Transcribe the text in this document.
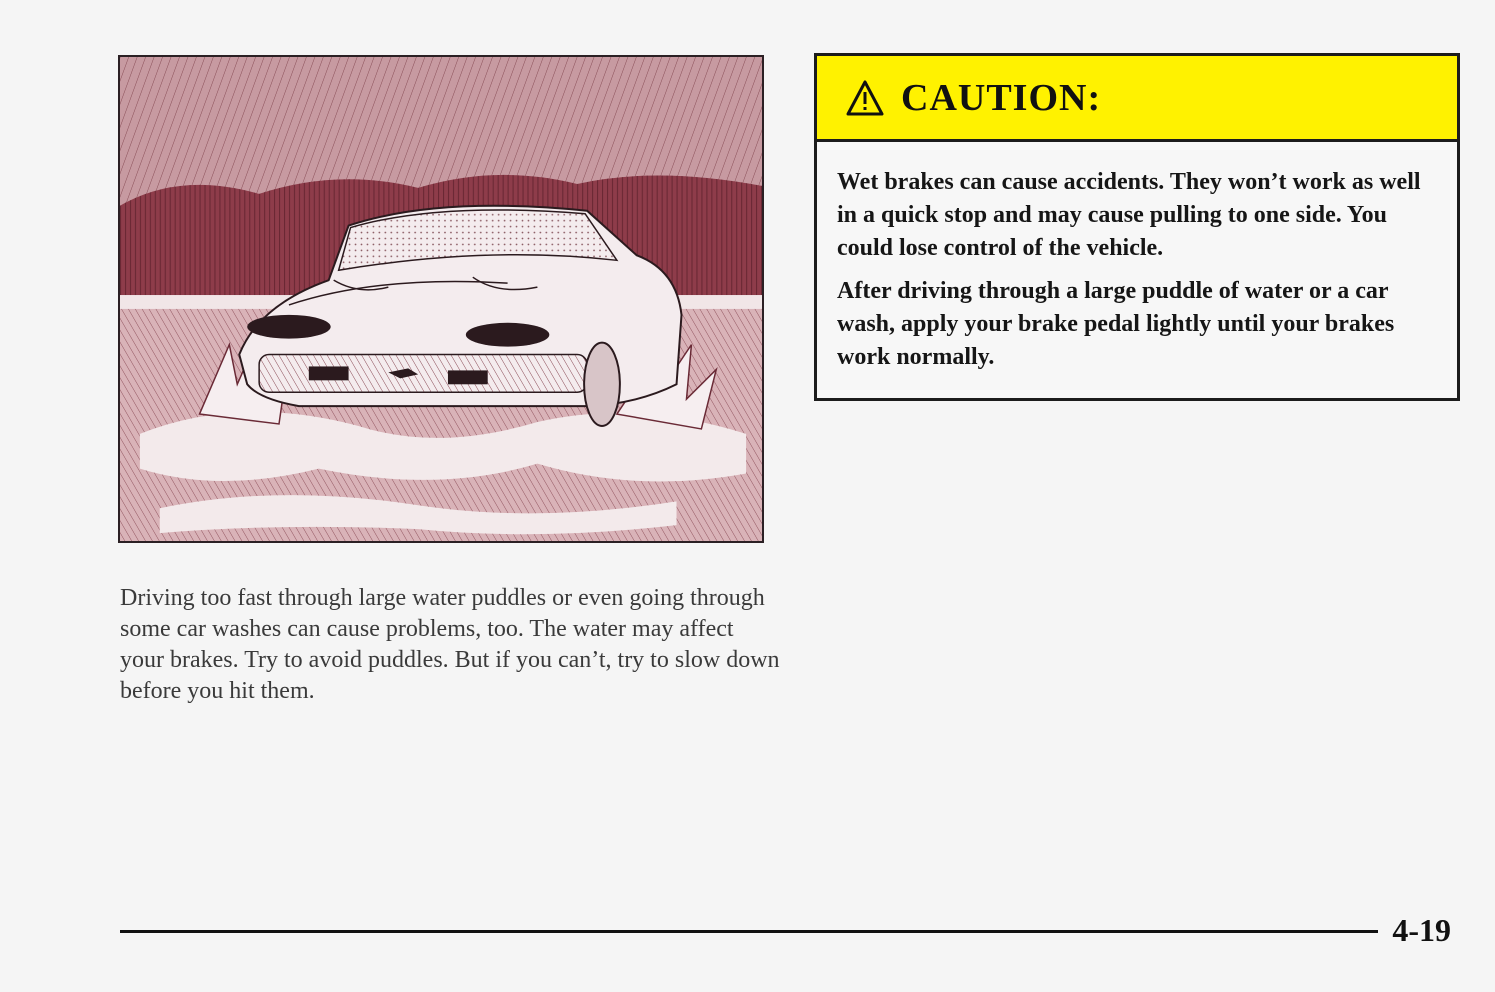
Driving too fast through large water puddles or even going through some car washes can cause problems, too. The water may affect your brakes. Try to avoid puddles. But if you can’t, try to slow down before you hit them.

CAUTION:

Wet brakes can cause accidents. They won’t work as well in a quick stop and may cause pulling to one side. You could lose control of the vehicle.

After driving through a large puddle of water or a car wash, apply your brake pedal lightly until your brakes work normally.

4-19
